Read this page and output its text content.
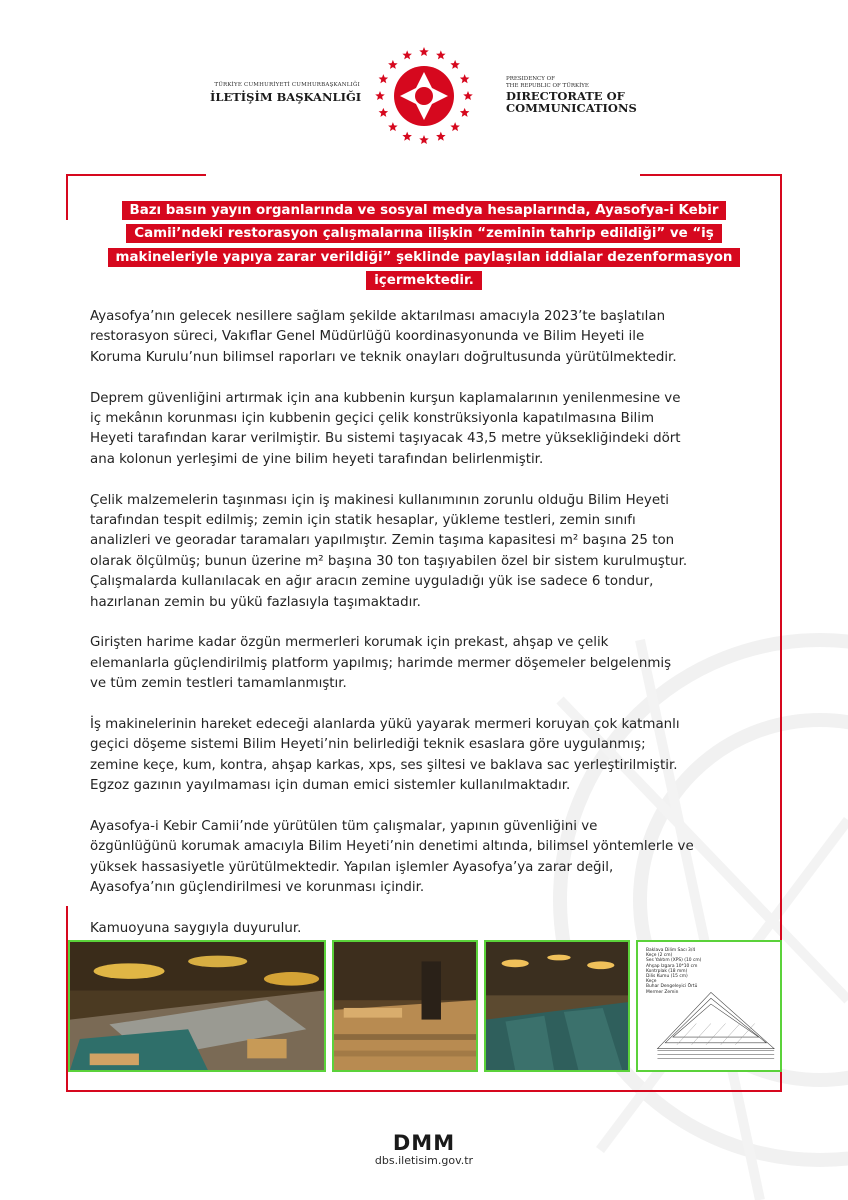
TÜRKİYE CUMHURİYETİ CUMHURBAŞKANLIĞI
İLETİŞİM BAŞKANLIĞI
PRESIDENCY OF
THE REPUBLIC OF TÜRKİYE
DIRECTORATE OF
COMMUNICATIONS
Bazı basın yayın organlarında ve sosyal medya hesaplarında, Ayasofya-i Kebir
Camii’ndeki restorasyon çalışmalarına ilişkin “zeminin tahrip edildiği” ve “iş
makineleriyle yapıya zarar verildiği” şeklinde paylaşılan iddialar dezenformasyon
içermektedir.

Ayasofya’nın gelecek nesillere sağlam şekilde aktarılması amacıyla 2023’te başlatılan
restorasyon süreci, Vakıflar Genel Müdürlüğü koordinasyonunda ve Bilim Heyeti ile
Koruma Kurulu’nun bilimsel raporları ve teknik onayları doğrultusunda yürütülmektedir.

Deprem güvenliğini artırmak için ana kubbenin kurşun kaplamalarının yenilenmesine ve
iç mekânın korunması için kubbenin geçici çelik konstrüksiyonla kapatılmasına Bilim
Heyeti tarafından karar verilmiştir. Bu sistemi taşıyacak 43,5 metre yüksekliğindeki dört
ana kolonun yerleşimi de yine bilim heyeti tarafından belirlenmiştir.

Çelik malzemelerin taşınması için iş makinesi kullanımının zorunlu olduğu Bilim Heyeti
tarafından tespit edilmiş; zemin için statik hesaplar, yükleme testleri, zemin sınıfı
analizleri ve georadar taramaları yapılmıştır. Zemin taşıma kapasitesi m² başına 25 ton
olarak ölçülmüş; bunun üzerine m² başına 30 ton taşıyabilen özel bir sistem kurulmuştur.
Çalışmalarda kullanılacak en ağır aracın zemine uyguladığı yük ise sadece 6 tondur,
hazırlanan zemin bu yükü fazlasıyla taşımaktadır.

Girişten harime kadar özgün mermerleri korumak için prekast, ahşap ve çelik
elemanlarla güçlendirilmiş platform yapılmış; harimde mermer döşemeler belgelenmiş
ve tüm zemin testleri tamamlanmıştır.

İş makinelerinin hareket edeceği alanlarda yükü yayarak mermeri koruyan çok katmanlı
geçici döşeme sistemi Bilim Heyeti’nin belirlediği teknik esaslara göre uygulanmış;
zemine keçe, kum, kontra, ahşap karkas, xps, ses şiltesi ve baklava sac yerleştirilmiştir.
Egzoz gazının yayılmaması için duman emici sistemler kullanılmaktadır.

Ayasofya-i Kebir Camii’nde yürütülen tüm çalışmalar, yapının güvenliğini ve
özgünlüğünü korumak amacıyla Bilim Heyeti’nin denetimi altında, bilimsel yöntemlerle ve
yüksek hassasiyetle yürütülmektedir. Yapılan işlemler Ayasofya’ya zarar değil,
Ayasofya’nın güçlendirilmesi ve korunması içindir.

Kamuoyuna saygıyla duyurulur.

Baklava Dilim Sacı 3/4
Keçe (2 cm)
Ses Yalıtım (XPS) (10 cm)
Ahşap Izgara 10*10 cm
Kontrplak (18 mm)
Dilis Kumu (15 cm)
Keçe
Buhar Dengeleyici Örtü
Mermer Zemin
DMM
dbs.iletisim.gov.tr
